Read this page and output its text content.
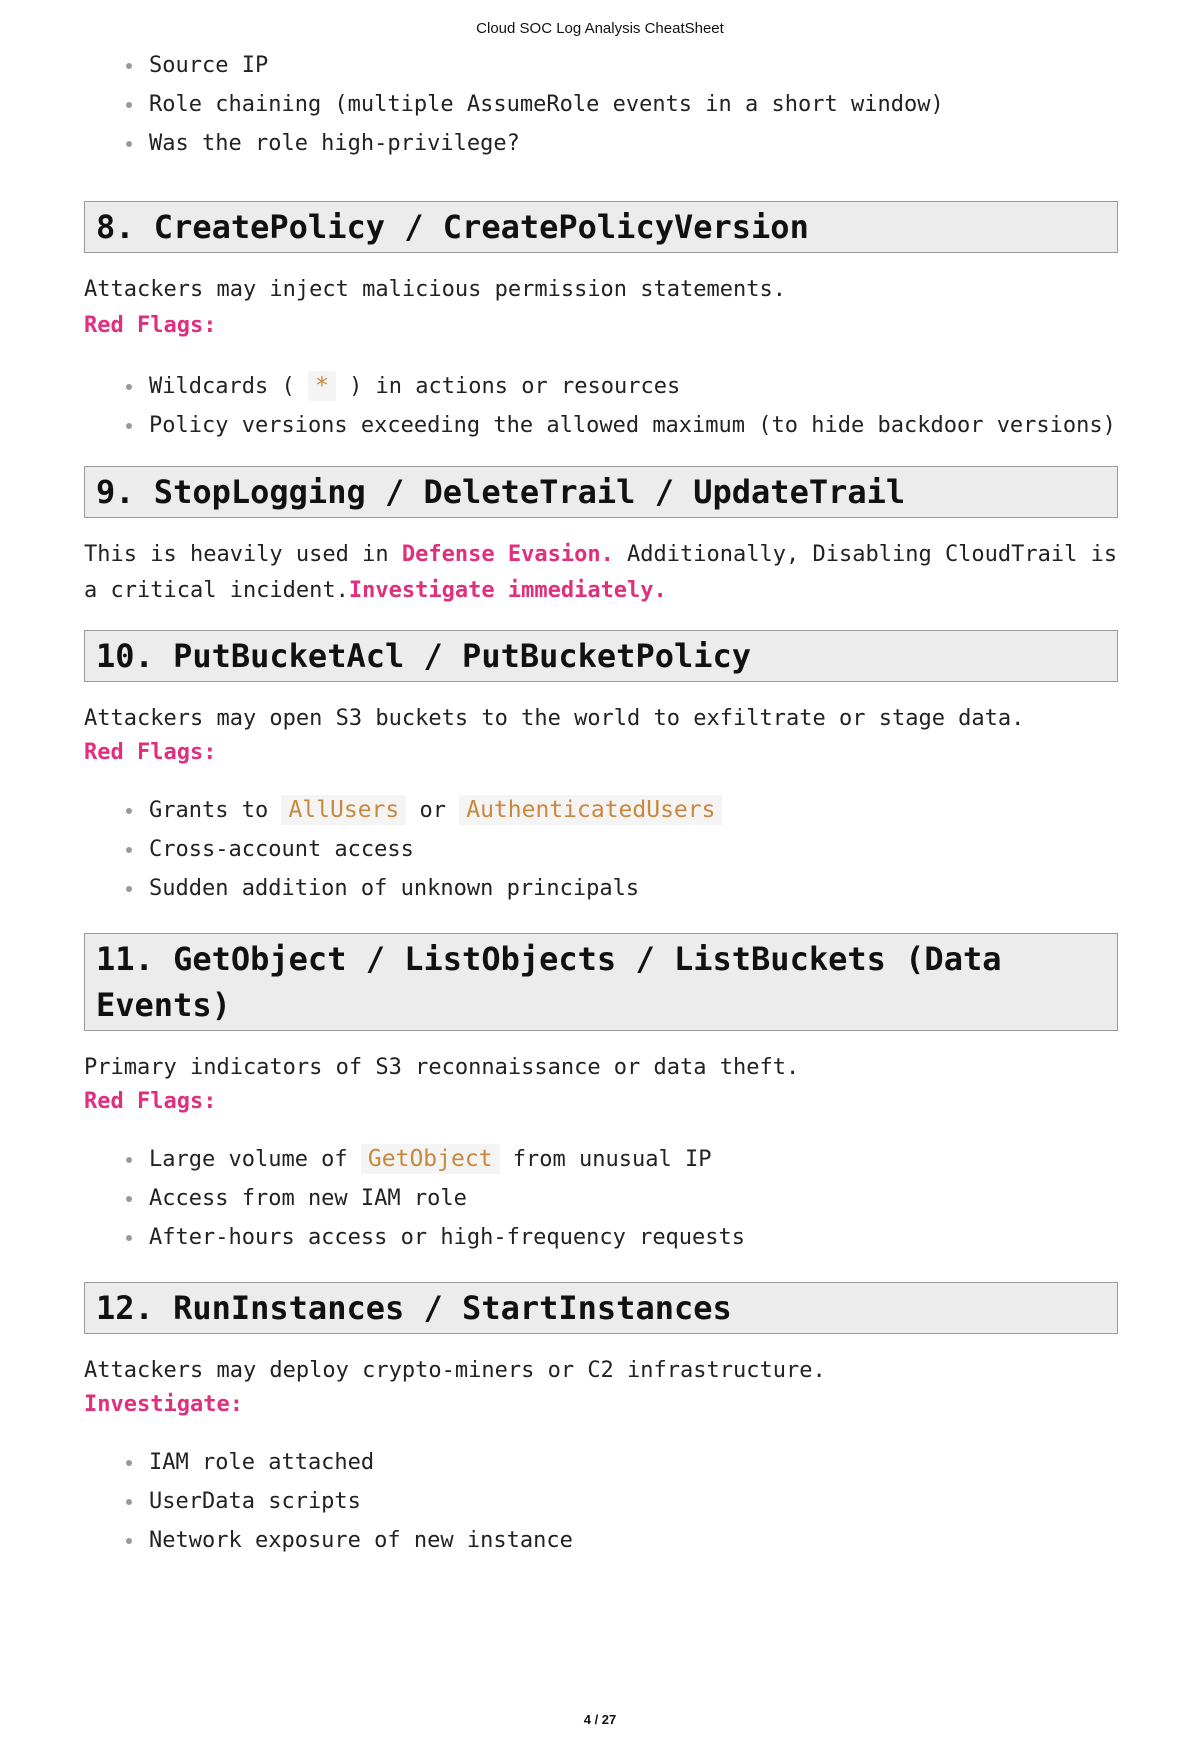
Cloud SOC Log Analysis CheatSheet
Source IP
Role chaining (multiple AssumeRole events in a short window)
Was the role high-privilege?
8. CreatePolicy / CreatePolicyVersion

Attackers may inject malicious permission statements.

Red Flags:

Wildcards ( * ) in actions or resources
Policy versions exceeding the allowed maximum (to hide backdoor versions)
9. StopLogging / DeleteTrail / UpdateTrail

This is heavily used in Defense Evasion. Additionally, Disabling CloudTrail is a critical incident.Investigate immediately.

10. PutBucketAcl / PutBucketPolicy

Attackers may open S3 buckets to the world to exfiltrate or stage data.

Red Flags:

Grants to AllUsers or AuthenticatedUsers
Cross-account access
Sudden addition of unknown principals
11. GetObject / ListObjects / ListBuckets (Data Events)

Primary indicators of S3 reconnaissance or data theft.

Red Flags:

Large volume of GetObject from unusual IP
Access from new IAM role
After-hours access or high-frequency requests
12. RunInstances / StartInstances

Attackers may deploy crypto-miners or C2 infrastructure.

Investigate:

IAM role attached
UserData scripts
Network exposure of new instance
4 / 27
